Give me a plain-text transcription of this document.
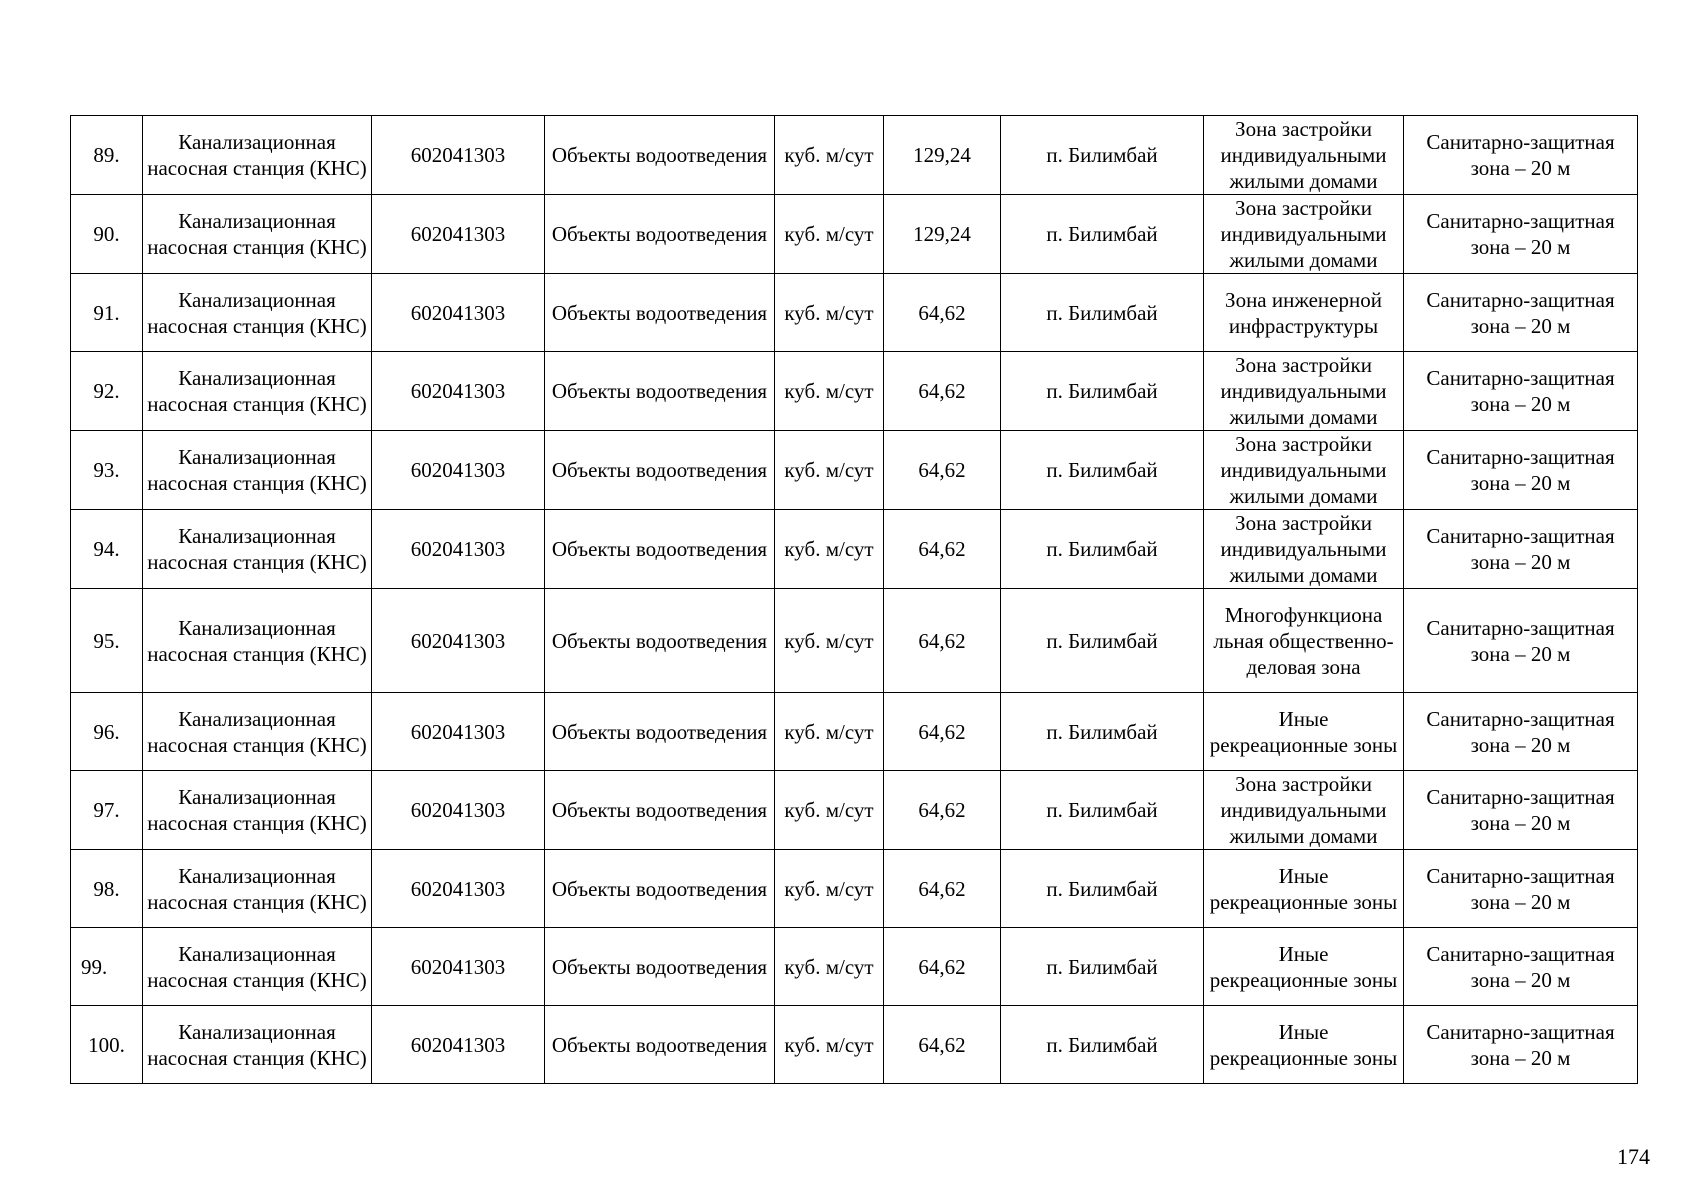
89.	Канализационная насосная станция (КНС)	602041303	Объекты водоотведения	куб. м/сут	129,24	п. Билимбай	Зона застройки индивидуальными жилыми домами	Санитарно-защитная зона – 20 м
90.	Канализационная насосная станция (КНС)	602041303	Объекты водоотведения	куб. м/сут	129,24	п. Билимбай	Зона застройки индивидуальными жилыми домами	Санитарно-защитная зона – 20 м
91.	Канализационная насосная станция (КНС)	602041303	Объекты водоотведения	куб. м/сут	64,62	п. Билимбай	Зона инженерной инфраструктуры	Санитарно-защитная зона – 20 м
92.	Канализационная насосная станция (КНС)	602041303	Объекты водоотведения	куб. м/сут	64,62	п. Билимбай	Зона застройки индивидуальными жилыми домами	Санитарно-защитная зона – 20 м
93.	Канализационная насосная станция (КНС)	602041303	Объекты водоотведения	куб. м/сут	64,62	п. Билимбай	Зона застройки индивидуальными жилыми домами	Санитарно-защитная зона – 20 м
94.	Канализационная насосная станция (КНС)	602041303	Объекты водоотведения	куб. м/сут	64,62	п. Билимбай	Зона застройки индивидуальными жилыми домами	Санитарно-защитная зона – 20 м
95.	Канализационная насосная станция (КНС)	602041303	Объекты водоотведения	куб. м/сут	64,62	п. Билимбай	Многофункциона льная общественно-деловая зона	Санитарно-защитная зона – 20 м
96.	Канализационная насосная станция (КНС)	602041303	Объекты водоотведения	куб. м/сут	64,62	п. Билимбай	Иные рекреационные зоны	Санитарно-защитная зона – 20 м
97.	Канализационная насосная станция (КНС)	602041303	Объекты водоотведения	куб. м/сут	64,62	п. Билимбай	Зона застройки индивидуальными жилыми домами	Санитарно-защитная зона – 20 м
98.	Канализационная насосная станция (КНС)	602041303	Объекты водоотведения	куб. м/сут	64,62	п. Билимбай	Иные рекреационные зоны	Санитарно-защитная зона – 20 м
99.	Канализационная насосная станция (КНС)	602041303	Объекты водоотведения	куб. м/сут	64,62	п. Билимбай	Иные рекреационные зоны	Санитарно-защитная зона – 20 м
100.	Канализационная насосная станция (КНС)	602041303	Объекты водоотведения	куб. м/сут	64,62	п. Билимбай	Иные рекреационные зоны	Санитарно-защитная зона – 20 м
174
